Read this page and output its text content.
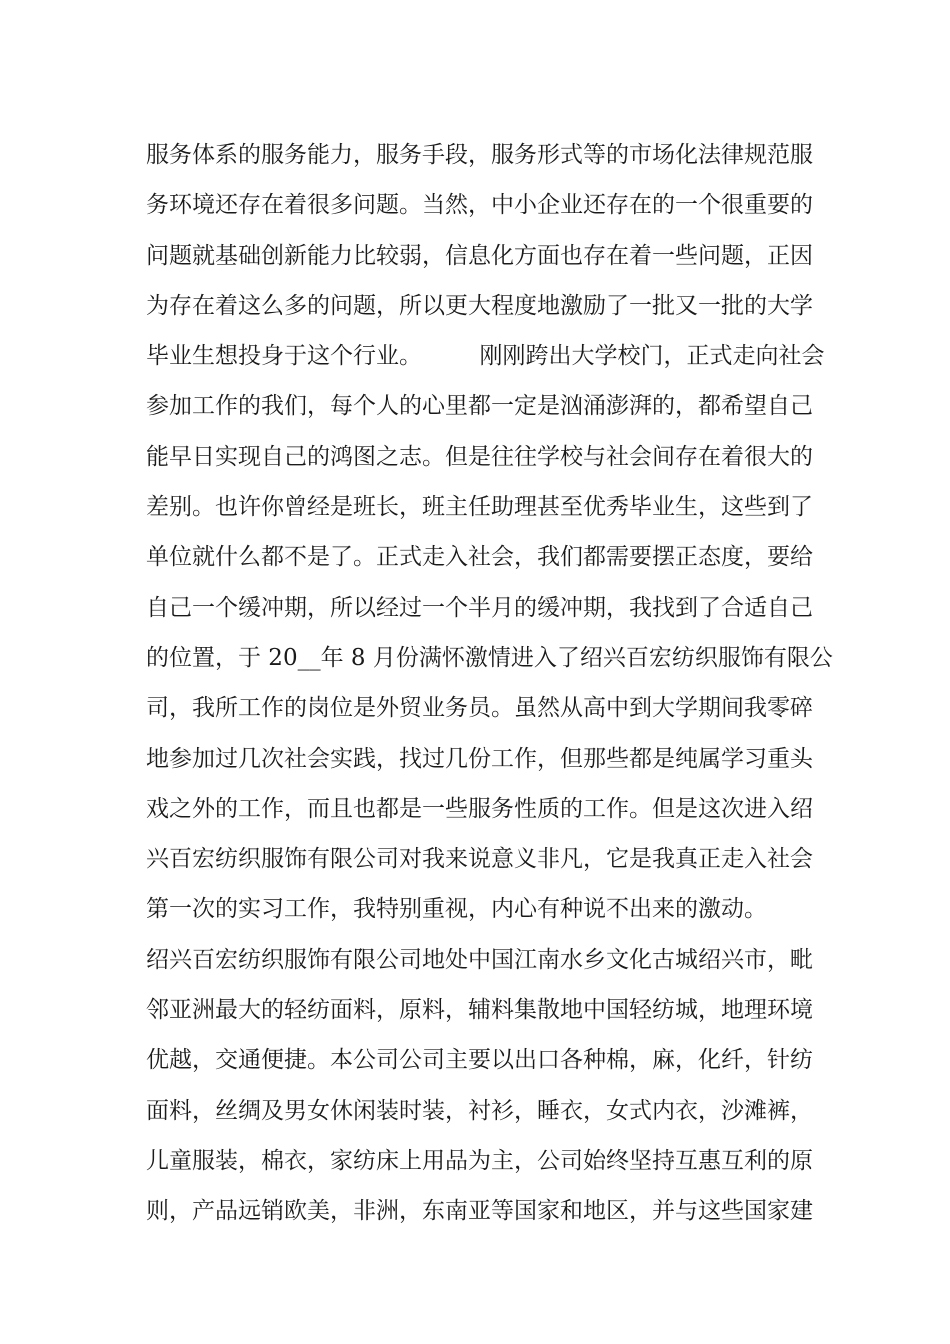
服务体系的服务能力，服务手段，服务形式等的市场化法律规范服
务环境还存在着很多问题。当然，中小企业还存在的一个很重要的
问题就基础创新能力比较弱，信息化方面也存在着一些问题，正因
为存在着这么多的问题，所以更大程度地激励了一批又一批的大学
毕业生想投身于这个行业。　　　刚刚跨出大学校门，正式走向社会
参加工作的我们，每个人的心里都一定是汹涌澎湃的，都希望自己
能早日实现自己的鸿图之志。但是往往学校与社会间存在着很大的
差别。也许你曾经是班长，班主任助理甚至优秀毕业生，这些到了
单位就什么都不是了。正式走入社会，我们都需要摆正态度，要给
自己一个缓冲期，所以经过一个半月的缓冲期，我找到了合适自己
的位置，于 20__年 8 月份满怀激情进入了绍兴百宏纺织服饰有限公
司，我所工作的岗位是外贸业务员。虽然从高中到大学期间我零碎
地参加过几次社会实践，找过几份工作，但那些都是纯属学习重头
戏之外的工作，而且也都是一些服务性质的工作。但是这次进入绍
兴百宏纺织服饰有限公司对我来说意义非凡，它是我真正走入社会
第一次的实习工作，我特别重视，内心有种说不出来的激动。
绍兴百宏纺织服饰有限公司地处中国江南水乡文化古城绍兴市，毗
邻亚洲最大的轻纺面料，原料，辅料集散地中国轻纺城，地理环境
优越，交通便捷。本公司公司主要以出口各种棉，麻，化纤，针纺
面料，丝绸及男女休闲装时装，衬衫，睡衣，女式内衣，沙滩裤，
儿童服装，棉衣，家纺床上用品为主，公司始终坚持互惠互利的原
则，产品远销欧美，非洲，东南亚等国家和地区，并与这些国家建
